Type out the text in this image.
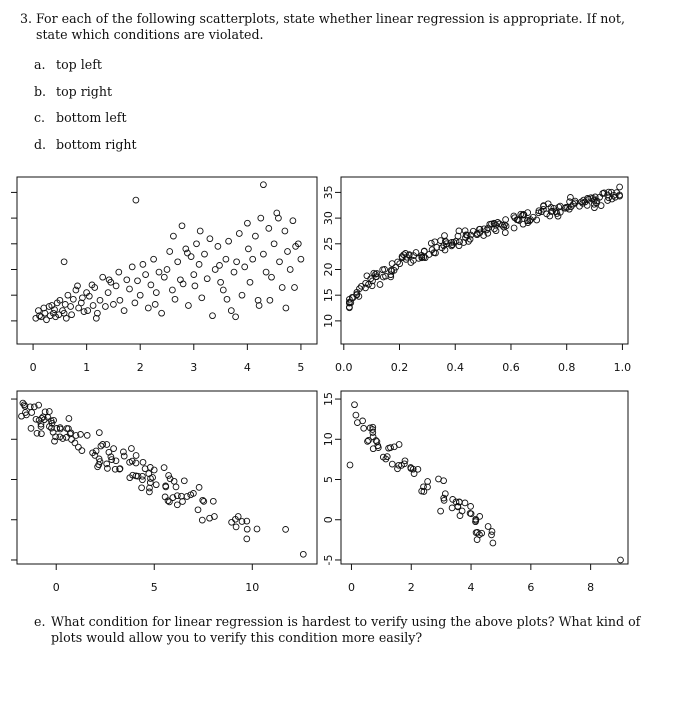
3. For each of the following scatterplots, state whether linear regression is appropriate. If not, state which conditions are violated.
a. top left
b. top right
c. bottom left
d. bottom right
0	1	2	3	4	5	0.0	0.2	0.4	0.6	0.8	1.0
10
15
20
25
30
35
0	5	10	0	2	4	6	8
-5
0
5
10
15
e. What condition for linear regression is hardest to verify using the above plots? What kind of plots would allow you to verify this condition more easily?
